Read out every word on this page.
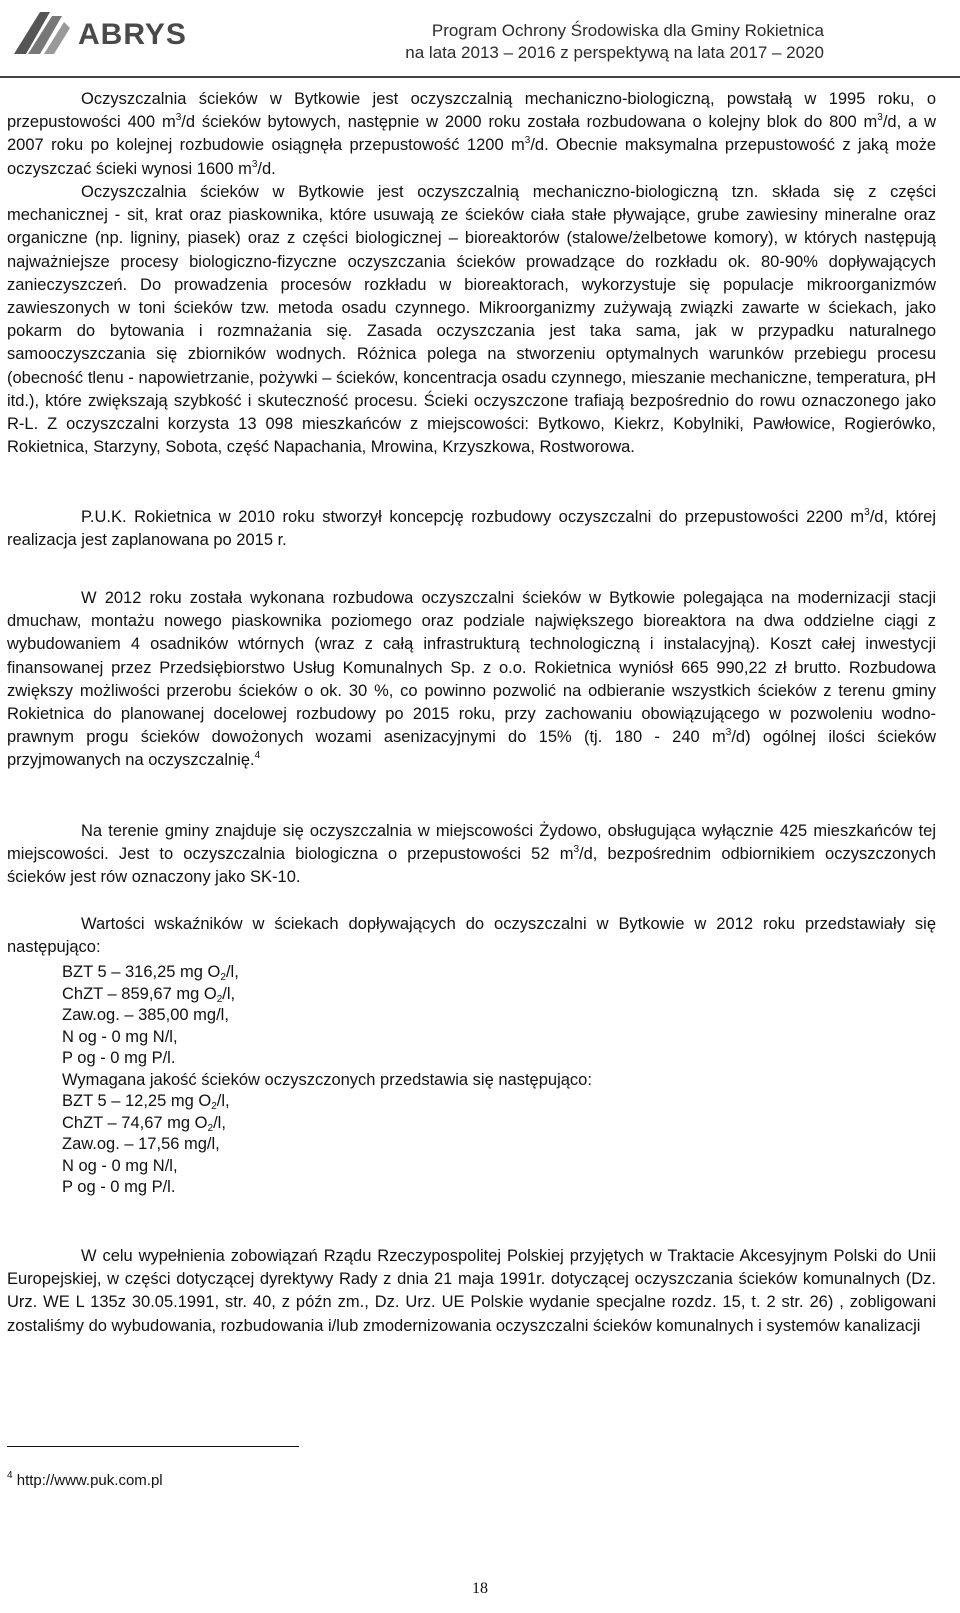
ABRYS	Program Ochrony Środowiska dla Gminy Rokietnica
na lata 2013 – 2016 z perspektywą na lata 2017 – 2020

Oczyszczalnia ścieków w Bytkowie jest oczyszczalnią mechaniczno-biologiczną, powstałą w 1995 roku, o przepustowości 400 $m^3/d$ ścieków bytowych, następnie w 2000 roku została rozbudowana o kolejny blok do 800 $m^3/d$, a w 2007 roku po kolejnej rozbudowie osiągnęła przepustowość 1200 $m^3/d$. Obecnie maksymalna przepustowość z jaką może oczyszczać ścieki wynosi 1600 $m^3/d$.

Oczyszczalnia ścieków w Bytkowie jest oczyszczalnią mechaniczno-biologiczną tzn. składa się z części mechanicznej - sit, krat oraz piaskownika, które usuwają ze ścieków ciała stałe pływające, grube zawiesiny mineralne oraz organiczne (np. ligniny, piasek) oraz z części biologicznej – bioreaktorów (stalowe/żelbetowe komory), w których następują najważniejsze procesy biologiczno-fizyczne oczyszczania ścieków prowadzące do rozkładu ok. 80-90% dopływających zanieczyszczeń. Do prowadzenia procesów rozkładu w bioreaktorach, wykorzystuje się populacje mikroorganizmów zawieszonych w toni ścieków tzw. metoda osadu czynnego. Mikroorganizmy zużywają związki zawarte w ściekach, jako pokarm do bytowania i rozmnażania się. Zasada oczyszczania jest taka sama, jak w przypadku naturalnego samooczyszczania się zbiorników wodnych. Różnica polega na stworzeniu optymalnych warunków przebiegu procesu (obecność tlenu - napowietrzanie, pożywki – ścieków, koncentracja osadu czynnego, mieszanie mechaniczne, temperatura, pH itd.), które zwiększają szybkość i skuteczność procesu. Ścieki oczyszczone trafiają bezpośrednio do rowu oznaczonego jako R-L. Z oczyszczalni korzysta 13 098 mieszkańców z miejscowości: Bytkowo, Kiekrz, Kobylniki, Pawłowice, Rogierówko, Rokietnica, Starzyny, Sobota, część Napachania, Mrowina, Krzyszkowa, Rostworowa.

P.U.K. Rokietnica w 2010 roku stworzył koncepcję rozbudowy oczyszczalni do przepustowości 2200 $m^3/d$, której realizacja jest zaplanowana po 2015 r.

W 2012 roku została wykonana rozbudowa oczyszczalni ścieków w Bytkowie polegająca na modernizacji stacji dmuchaw, montażu nowego piaskownika poziomego oraz podziale największego bioreaktora na dwa oddzielne ciągi z wybudowaniem 4 osadników wtórnych (wraz z całą infrastrukturą technologiczną i instalacyjną). Koszt całej inwestycji finansowanej przez Przedsiębiorstwo Usług Komunalnych Sp. z o.o. Rokietnica wyniósł 665 990,22 zł brutto. Rozbudowa zwiększy możliwości przerobu ścieków o ok. 30 %, co powinno pozwolić na odbieranie wszystkich ścieków z terenu gminy Rokietnica do planowanej docelowej rozbudowy po 2015 roku, przy zachowaniu obowiązującego w pozwoleniu wodno-prawnym progu ścieków dowożonych wozami asenizacyjnymi do 15% (tj. 180 - 240 $m^3/d$) ogólnej ilości ścieków przyjmowanych na oczyszczalnię.$^4$

Na terenie gminy znajduje się oczyszczalnia w miejscowości Żydowo, obsługująca wyłącznie 425 mieszkańców tej miejscowości. Jest to oczyszczalnia biologiczna o przepustowości 52 $m^3/d$, bezpośrednim odbiornikiem oczyszczonych ścieków jest rów oznaczony jako SK-10.

Wartości wskaźników w ściekach dopływających do oczyszczalni w Bytkowie w 2012 roku przedstawiały się następująco:

BZT 5 – 316,25 mg $O_2/l$,
ChZT – 859,67 mg $O_2/l$,
Zaw.og. – 385,00 mg/l,
N og - 0 mg N/l,
P og - 0 mg P/l.
Wymagana jakość ścieków oczyszczonych przedstawia się następująco:
BZT 5 – 12,25 mg $O_2/l$,
ChZT – 74,67 mg $O_2/l$,
Zaw.og. – 17,56 mg/l,
N og - 0 mg N/l,
P og - 0 mg P/l.

W celu wypełnienia zobowiązań Rządu Rzeczypospolitej Polskiej przyjętych w Traktacie Akcesyjnym Polski do Unii Europejskiej, w części dotyczącej dyrektywy Rady z dnia 21 maja 1991r. dotyczącej oczyszczania ścieków komunalnych (Dz. Urz. WE L 135z 30.05.1991, str. 40, z późn zm., Dz. Urz. UE Polskie wydanie specjalne rozdz. 15, t. 2 str. 26) , zobligowani zostaliśmy do wybudowania, rozbudowania i/lub zmodernizowania oczyszczalni ścieków komunalnych i systemów kanalizacji

$^4$ http://www.puk.com.pl
18
